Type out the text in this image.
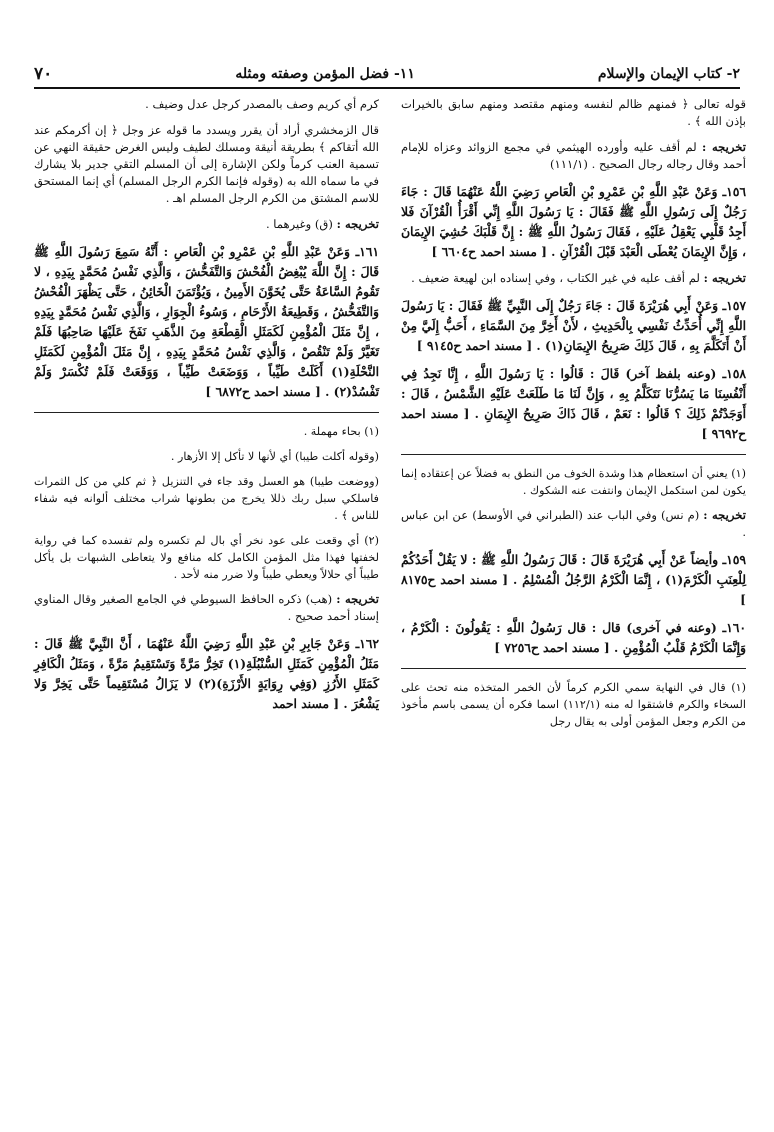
٢- كتاب الإيمان والإسلام
١١- فضل المؤمن وصفته ومثله
٧٠

قوله تعالى ﴿ فمنهم ظالم لنفسه ومنهم مقتصد ومنهم سابق بالخيرات بإذن الله ﴾ .

تخريجه : لم أقف عليه وأورده الهيثمي في مجمع الزوائد وعزاه للإمام أحمد وقال رجاله رجال الصحيح . (١١١/١)

١٥٦ـ وَعَنْ عَبْدِ اللَّهِ بْنِ عَمْرِو بْنِ الْعَاصِ رَضِيَ اللَّهُ عَنْهُمَا قَالَ : جَاءَ رَجُلٌ إِلَى رَسُولِ اللَّهِ ﷺ فَقَالَ : يَا رَسُولَ اللَّهِ إِنِّي أَقْرَأُ الْقُرْآنَ فَلا أَجِدُ قَلْبِي يَعْقِلُ عَلَيْهِ ، فَقَالَ رَسُولُ اللَّهِ ﷺ : إِنَّ قَلْبَكَ حُشِيَ الإِيمَانَ ، وَإِنَّ الإِيمَانَ يُعْطَى الْعَبْدَ قَبْلَ الْقُرْآنِ . [ مسند احمد ح٦٦٠٤ ]

تخريجه : لم أقف عليه في غير الكتاب ، وفي إسناده ابن لهيعة ضعيف .

١٥٧ـ وَعَنْ أَبِي هُرَيْرَةَ قَالَ : جَاءَ رَجُلٌ إِلَى النَّبِيِّ ﷺ فَقَالَ : يَا رَسُولَ اللَّهِ إِنِّي أُحَدِّثُ نَفْسِي بِالْحَدِيثِ ، لأَنْ أَخِرَّ مِنَ السَّمَاءِ ، أَحَبُّ إِلَيَّ مِنْ أَنْ أَتَكَلَّمَ بِهِ ، قَالَ ذَلِكَ صَرِيحُ الإِيمَانِ(١) . [ مسند احمد ح٩١٤٥ ]

١٥٨ـ (وعنه بلفظ آخر) قَالَ : قَالُوا : يَا رَسُولَ اللَّهِ ، إِنَّا نَجِدُ فِي أَنْفُسِنَا مَا يَسُرُّنَا نَتَكَلَّمُ بِهِ ، وَإِنَّ لَنَا مَا طَلَعَتْ عَلَيْهِ الشَّمْسُ ، قَالَ : أَوَجَدْتُمْ ذَلِكَ ؟ قَالُوا : نَعَمْ ، قَالَ ذَاكَ صَرِيحُ الإِيمَانِ . [ مسند احمد ح٩٦٩٢ ]

(١) يعني أن استعظام هذا وشدة الخوف من النطق به فضلاً عن إعتقاده إنما يكون لمن استكمل الإيمان وانتفت عنه الشكوك .

تخريجه : (م نس) وفي الباب عند (الطبراني في الأوسط) عن ابن عباس .

١٥٩ـ وأيضاً عَنْ أَبِي هُرَيْرَةَ قَالَ : قَالَ رَسُولُ اللَّهِ ﷺ : لا يَقُلْ أَحَدُكُمْ لِلْعِنَبِ الْكَرْمَ(١) ، إِنَّمَا الْكَرْمُ الرَّجُلُ الْمُسْلِمُ . [ مسند احمد ح٨١٧٥ ]

١٦٠ـ (وعنه في آخرى) قال : قال رَسُولُ اللَّهِ : يَقُولُونَ : الْكَرْمُ ، وَإِنَّمَا الْكَرْمُ قَلْبُ الْمُؤْمِنِ . [ مسند احمد ح٧٢٥٦ ]

(١) قال في النهاية سمي الكرم كرماً لأن الخمر المتخذه منه تحث على السخاء والكرم فاشتقوا له منه (١١٢/١) اسما فكره أن يسمى باسم مأخوذ من الكرم وجعل المؤمن أولى به يقال رجل

كرم أي كريم وصف بالمصدر كرجل عدل وضيف .

قال الزمخشري أراد أن يقرر ويسدد ما قوله عز وجل ﴿ إن أكرمكم عند الله أتقاكم ﴾ بطريقة أنيقة ومسلك لطيف وليس الغرض حقيقة النهي عن تسمية العنب كرماً ولكن الإشارة إلى أن المسلم التقي جدير بلا يشارك في ما سماه الله به (وقوله فإنما الكرم الرجل المسلم) أي إنما المستحق للاسم المشتق من الكرم الرجل المسلم اهـ .

تخريجه : (ق) وغيرهما .

١٦١ـ وَعَنْ عَبْدِ اللَّهِ بْنِ عَمْرِو بْنِ الْعَاصِ : أَنَّهُ سَمِعَ رَسُولَ اللَّهِ ﷺ قَالَ : إِنَّ اللَّهَ يُبْغِضُ الْفُحْشَ وَالتَّفَحُّشَ ، وَالَّذِي نَفْسُ مُحَمَّدٍ بِيَدِهِ ، لا تَقُومُ السَّاعَةُ حَتَّى يُخَوَّنَ الأَمِينُ ، وَيُؤْتَمَنَ الْخَائِنُ ، حَتَّى يَظْهَرَ الْفُحْشُ وَالتَّفَحُّشُ ، وَقَطِيعَةُ الأَرْحَامِ ، وَسُوءُ الْجِوَارِ ، وَالَّذِي نَفْسُ مُحَمَّدٍ بِيَدِهِ ، إِنَّ مَثَلَ الْمُؤْمِنِ لَكَمَثَلِ الْقِطْعَةِ مِنَ الذَّهَبِ نَفَخَ عَلَيْهَا صَاحِبُهَا فَلَمْ تَغَيَّرْ وَلَمْ تَنْقُصْ ، وَالَّذِي نَفْسُ مُحَمَّدٍ بِيَدِهِ ، إِنَّ مَثَلَ الْمُؤْمِنِ لَكَمَثَلِ النَّحْلَةِ(١) أَكَلَتْ طَيِّباً ، وَوَضَعَتْ طَيِّباً ، وَوَقَعَتْ فَلَمْ تُكْسَرْ وَلَمْ تَفْسُدْ(٢) . [ مسند احمد ح٦٨٧٢ ]

(١) بحاء مهملة .

(وقوله أكلت طيبا) أي لأنها لا تأكل إلا الأزهار .

(ووضعت طيبا) هو العسل وقد جاء في التنزيل ﴿ ثم كلي من كل الثمرات فاسلكي سبل ربك ذللا يخرج من بطونها شراب مختلف ألوانه فيه شفاء للناس ﴾ .

(٢) أي وقعت على عود نخر أي بال لم تكسره ولم تفسده كما في رواية لخفتها فهذا مثل المؤمن الكامل كله منافع ولا يتعاطى الشبهات بل يأكل طيباً أي حلالاً ويعطي طيباً ولا ضرر منه لأحد .

تخريجه : (هب) ذكره الحافظ السيوطي في الجامع الصغير وقال المناوي إسناد أحمد صحيح .

١٦٢ـ وَعَنْ جَابِرِ بْنِ عَبْدِ اللَّهِ رَضِيَ اللَّهُ عَنْهُمَا ، أَنَّ النَّبِيَّ ﷺ قَالَ : مَثَلُ الْمُؤْمِنِ كَمَثَلِ السُّنْبُلَةِ(١) تَخِرُّ مَرَّةً وَتَسْتَقِيمُ مَرَّةً ، وَمَثَلُ الْكَافِرِ كَمَثَلِ الأَرُزِ (وَفِي رِوَايَةٍ الأَرْزَةِ)(٢) لا يَزَالُ مُسْتَقِيماً حَتَّى يَخِرَّ وَلا يَشْعُرَ . [ مسند احمد
